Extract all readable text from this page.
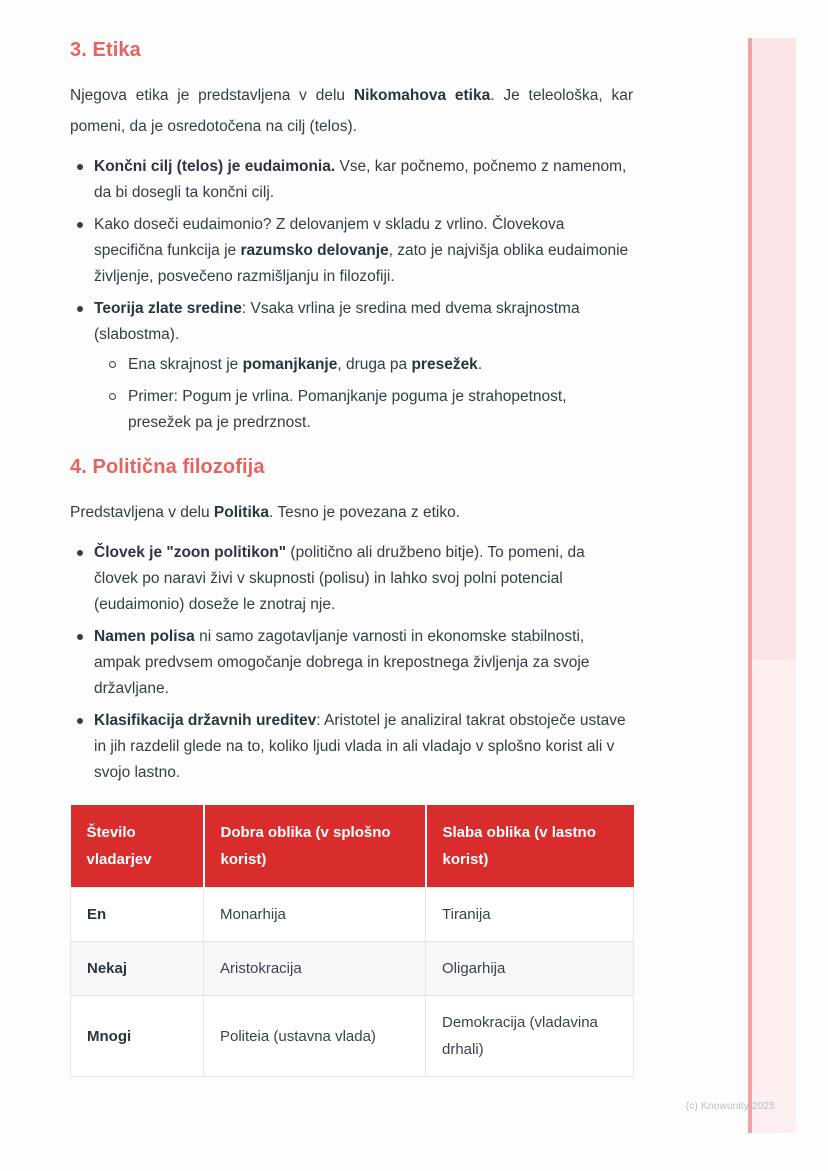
3. Etika

Njegova etika je predstavljena v delu Nikomahova etika. Je teleološka, kar pomeni, da je osredotočena na cilj (telos).

Končni cilj (telos) je eudaimonia. Vse, kar počnemo, počnemo z namenom, da bi dosegli ta končni cilj.
Kako doseči eudaimonio? Z delovanjem v skladu z vrlino. Človekova specifična funkcija je razumsko delovanje, zato je najvišja oblika eudaimonie življenje, posvečeno razmišljanju in filozofiji.
Teorija zlate sredine: Vsaka vrlina je sredina med dvema skrajnostma (slabostma).
Ena skrajnost je pomanjkanje, druga pa presežek.
Primer: Pogum je vrlina. Pomanjkanje poguma je strahopetnost, presežek pa je predrznost.
4. Politična filozofija

Predstavljena v delu Politika. Tesno je povezana z etiko.

Človek je "zoon politikon" (politično ali družbeno bitje). To pomeni, da človek po naravi živi v skupnosti (polisu) in lahko svoj polni potencial (eudaimonio) doseže le znotraj nje.
Namen polisa ni samo zagotavljanje varnosti in ekonomske stabilnosti, ampak predvsem omogočanje dobrega in krepostnega življenja za svoje državljane.
Klasifikacija državnih ureditev: Aristotel je analiziral takrat obstoječe ustave in jih razdelil glede na to, koliko ljudi vlada in ali vladajo v splošno korist ali v svojo lastno.
Število vladarjev	Dobra oblika (v splošno korist)	Slaba oblika (v lastno korist)
En	Monarhija	Tiranija
Nekaj	Aristokracija	Oligarhija
Mnogi	Politeia (ustavna vlada)	Demokracija (vladavina drhali)
(c) Knowunity 2025
